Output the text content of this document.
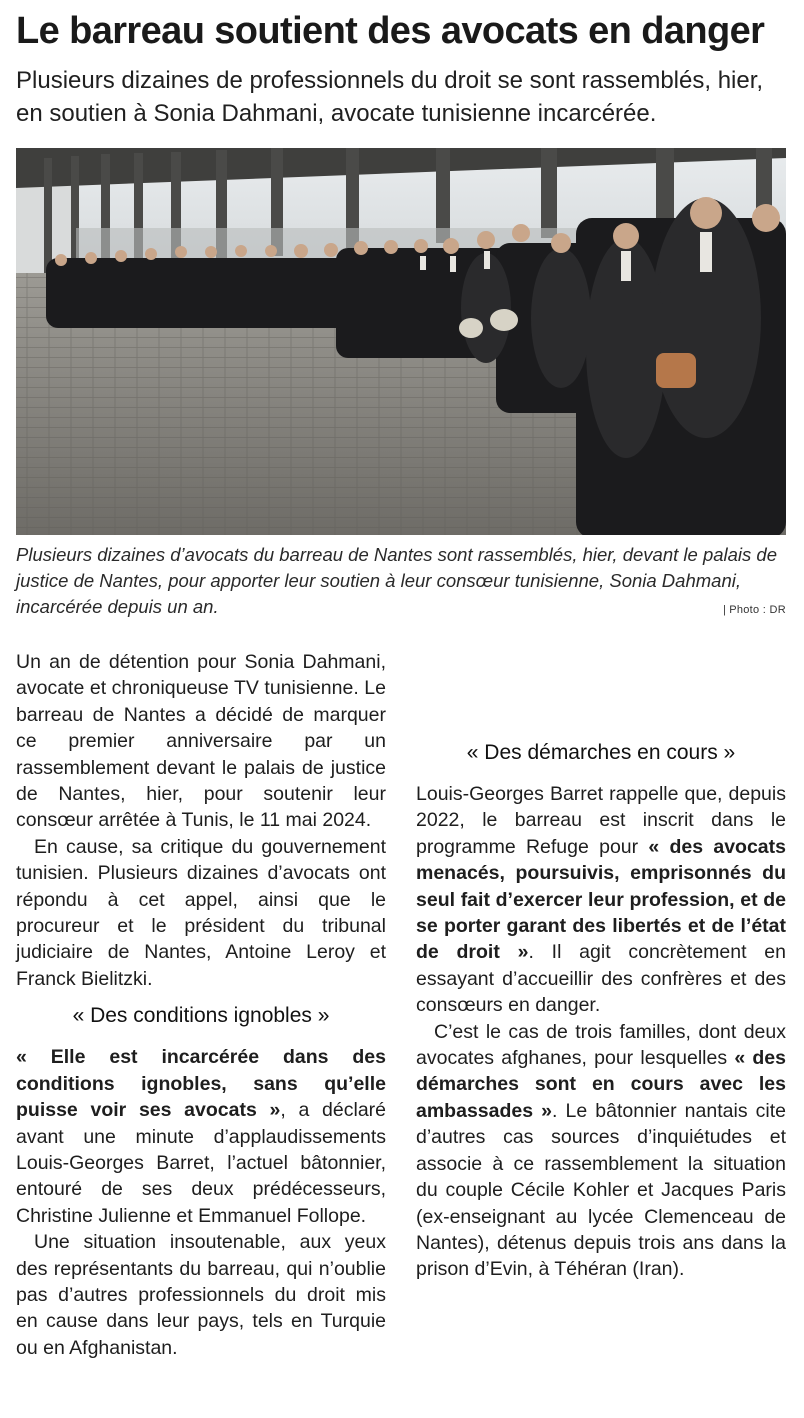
Le barreau soutient des avocats en danger

Plusieurs dizaines de professionnels du droit se sont rassemblés, hier, en soutien à Sonia Dahmani, avocate tunisienne incarcérée.

Plusieurs dizaines d’avocats du barreau de Nantes sont rassemblés, hier, devant le palais de justice de Nantes, pour apporter leur soutien à leur consœur tunisienne, Sonia Dahmani, incarcérée depuis un an.	| Photo : DR

Un an de détention pour Sonia Dahmani, avocate et chroniqueuse TV tunisienne. Le barreau de Nantes a décidé de marquer ce premier anniversaire par un rassemblement devant le palais de justice de Nantes, hier, pour soutenir leur consœur arrêtée à Tunis, le 11 mai 2024.

En cause, sa critique du gouvernement tunisien. Plusieurs dizaines d’avocats ont répondu à cet appel, ainsi que le procureur et le président du tribunal judiciaire de Nantes, Antoine Leroy et Franck Bielitzki.

« Des conditions ignobles »

« Elle est incarcérée dans des conditions ignobles, sans qu’elle puisse voir ses avocats », a déclaré avant une minute d’applaudissements Louis-Georges Barret, l’actuel bâtonnier, entouré de ses deux prédécesseurs, Christine Julienne et Emmanuel Follope.

Une situation insoutenable, aux yeux des représentants du barreau, qui n’oublie pas d’autres professionnels du droit mis en cause dans leur pays, tels en Turquie ou en Afghanistan.

« Des démarches en cours »

Louis-Georges Barret rappelle que, depuis 2022, le barreau est inscrit dans le programme Refuge pour « des avocats menacés, poursuivis, emprisonnés du seul fait d’exercer leur profession, et de se porter garant des libertés et de l’état de droit ». Il agit concrètement en essayant d’accueillir des confrères et des consœurs en danger.

C’est le cas de trois familles, dont deux avocates afghanes, pour lesquelles « des démarches sont en cours avec les ambassades ». Le bâtonnier nantais cite d’autres cas sources d’inquiétudes et associe à ce rassemblement la situation du couple Cécile Kohler et Jacques Paris (ex-enseignant au lycée Clemenceau de Nantes), détenus depuis trois ans dans la prison d’Evin, à Téhéran (Iran).
